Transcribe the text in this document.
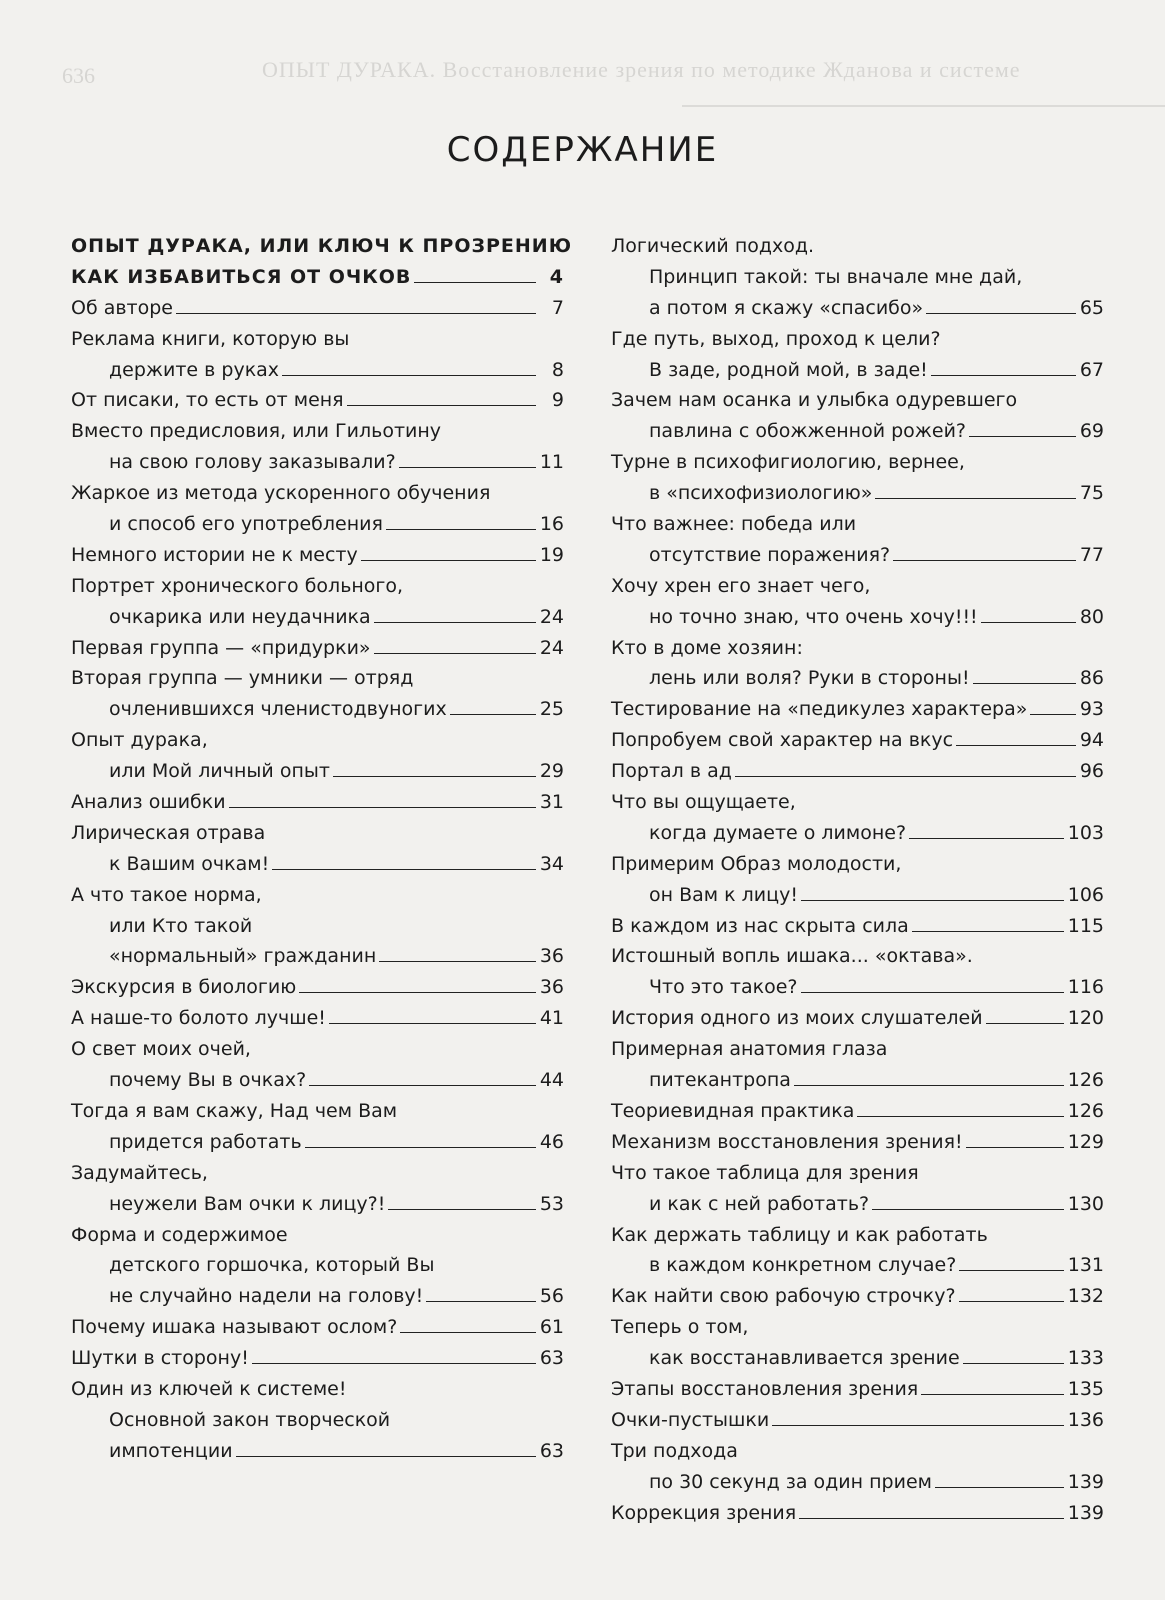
636	ОПЫТ ДУРАКА. Восстановление зрения по методике Жданова и системе
СОДЕРЖАНИЕ
ОПЫТ ДУРАКА, ИЛИ КЛЮЧ К ПРОЗРЕНИЮ
КАК ИЗБАВИТЬСЯ ОТ ОЧКОВ	4
Об авторе	7
Реклама книги, которую вы
держите в руках	8
От писаки, то есть от меня	9
Вместо предисловия, или Гильотину
на свою голову заказывали?	11
Жаркое из метода ускоренного обучения
и способ его употребления	16
Немного истории не к месту	19
Портрет хронического больного,
очкарика или неудачника	24
Первая группа — «придурки»	24
Вторая группа — умники — отряд
очленившихся членистодвуногих	25
Опыт дурака,
или Мой личный опыт	29
Анализ ошибки	31
Лирическая отрава
к Вашим очкам!	34
А что такое норма,
или Кто такой
«нормальный» гражданин	36
Экскурсия в биологию	36
А наше-то болото лучше!	41
О свет моих очей,
почему Вы в очках?	44
Тогда я вам скажу, Над чем Вам
придется работать	46
Задумайтесь,
неужели Вам очки к лицу?!	53
Форма и содержимое
детского горшочка, который Вы
не случайно надели на голову!	56
Почему ишака называют ослом?	61
Шутки в сторону!	63
Один из ключей к системе!
Основной закон творческой
импотенции	63
Логический подход.
Принцип такой: ты вначале мне дай,
а потом я скажу «спасибо»	65
Где путь, выход, проход к цели?
В заде, родной мой, в заде!	67
Зачем нам осанка и улыбка одуревшего
павлина с обожженной рожей?	69
Турне в психофигиологию, вернее,
в «психофизиологию»	75
Что важнее: победа или
отсутствие поражения?	77
Хочу хрен его знает чего,
но точно знаю, что очень хочу!!!	80
Кто в доме хозяин:
лень или воля? Руки в стороны!	86
Тестирование на «педикулез характера»	93
Попробуем свой характер на вкус	94
Портал в ад	96
Что вы ощущаете,
когда думаете о лимоне?	103
Примерим Образ молодости,
он Вам к лицу!	106
В каждом из нас скрыта сила	115
Истошный вопль ишака... «октава».
Что это такое?	116
История одного из моих слушателей	120
Примерная анатомия глаза
питекантропа	126
Теориевидная практика	126
Механизм восстановления зрения!	129
Что такое таблица для зрения
и как с ней работать?	130
Как держать таблицу и как работать
в каждом конкретном случае?	131
Как найти свою рабочую строчку?	132
Теперь о том,
как восстанавливается зрение	133
Этапы восстановления зрения	135
Очки-пустышки	136
Три подхода
по 30 секунд за один прием	139
Коррекция зрения	139
